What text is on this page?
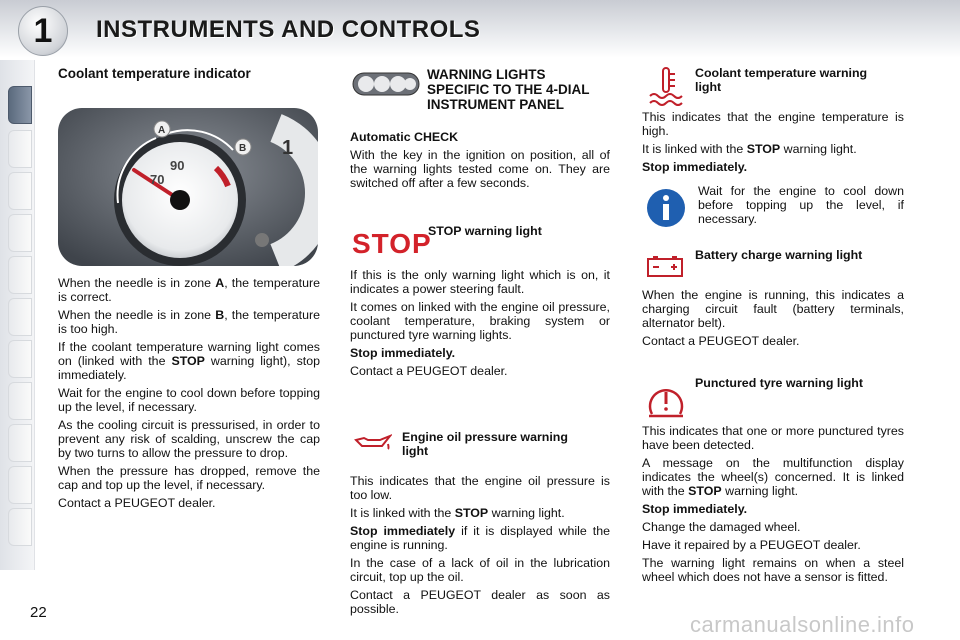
1	INSTRUMENTS AND CONTROLS
Coolant temperature indicator
1
90
70
A
B

When the needle is in zone A, the temperature is correct.

When the needle is in zone B, the temperature is too high.

If the coolant temperature warning light comes on (linked with the STOP warning light), stop immediately.

Wait for the engine to cool down before topping up the level, if necessary.

As the cooling circuit is pressurised, in order to prevent any risk of scalding, unscrew the cap by two turns to allow the pressure to drop.

When the pressure has dropped, remove the cap and top up the level, if necessary.

Contact a PEUGEOT dealer.

WARNING LIGHTS SPECIFIC TO THE 4-DIAL INSTRUMENT PANEL

Automatic CHECK

With the key in the ignition on position, all of the warning lights tested come on. They are switched off after a few seconds.

STOP
STOP warning light

If this is the only warning light which is on, it indicates a power steering fault.

It comes on linked with the engine oil pressure, coolant temperature, braking system or punctured tyre warning lights.

Stop immediately.

Contact a PEUGEOT dealer.

Engine oil pressure warning light

This indicates that the engine oil pressure is too low.

It is linked with the STOP warning light.

Stop immediately if it is displayed while the engine is running.

In the case of a lack of oil in the lubrication circuit, top up the oil.

Contact a PEUGEOT dealer as soon as possible.

Coolant temperature warning light

This indicates that the engine temperature is high.

It is linked with the STOP warning light.

Stop immediately.

Wait for the engine to cool down before topping up the level, if necessary.

Battery charge warning light

When the engine is running, this indicates a charging circuit fault (battery terminals, alternator belt).

Contact a PEUGEOT dealer.

Punctured tyre warning light

This indicates that one or more punctured tyres have been detected.

A message on the multifunction display indicates the wheel(s) concerned. It is linked with the STOP warning light.

Stop immediately.

Change the damaged wheel.

Have it repaired by a PEUGEOT dealer.

The warning light remains on when a steel wheel which does not have a sensor is fitted.

22	carmanualsonline.info
